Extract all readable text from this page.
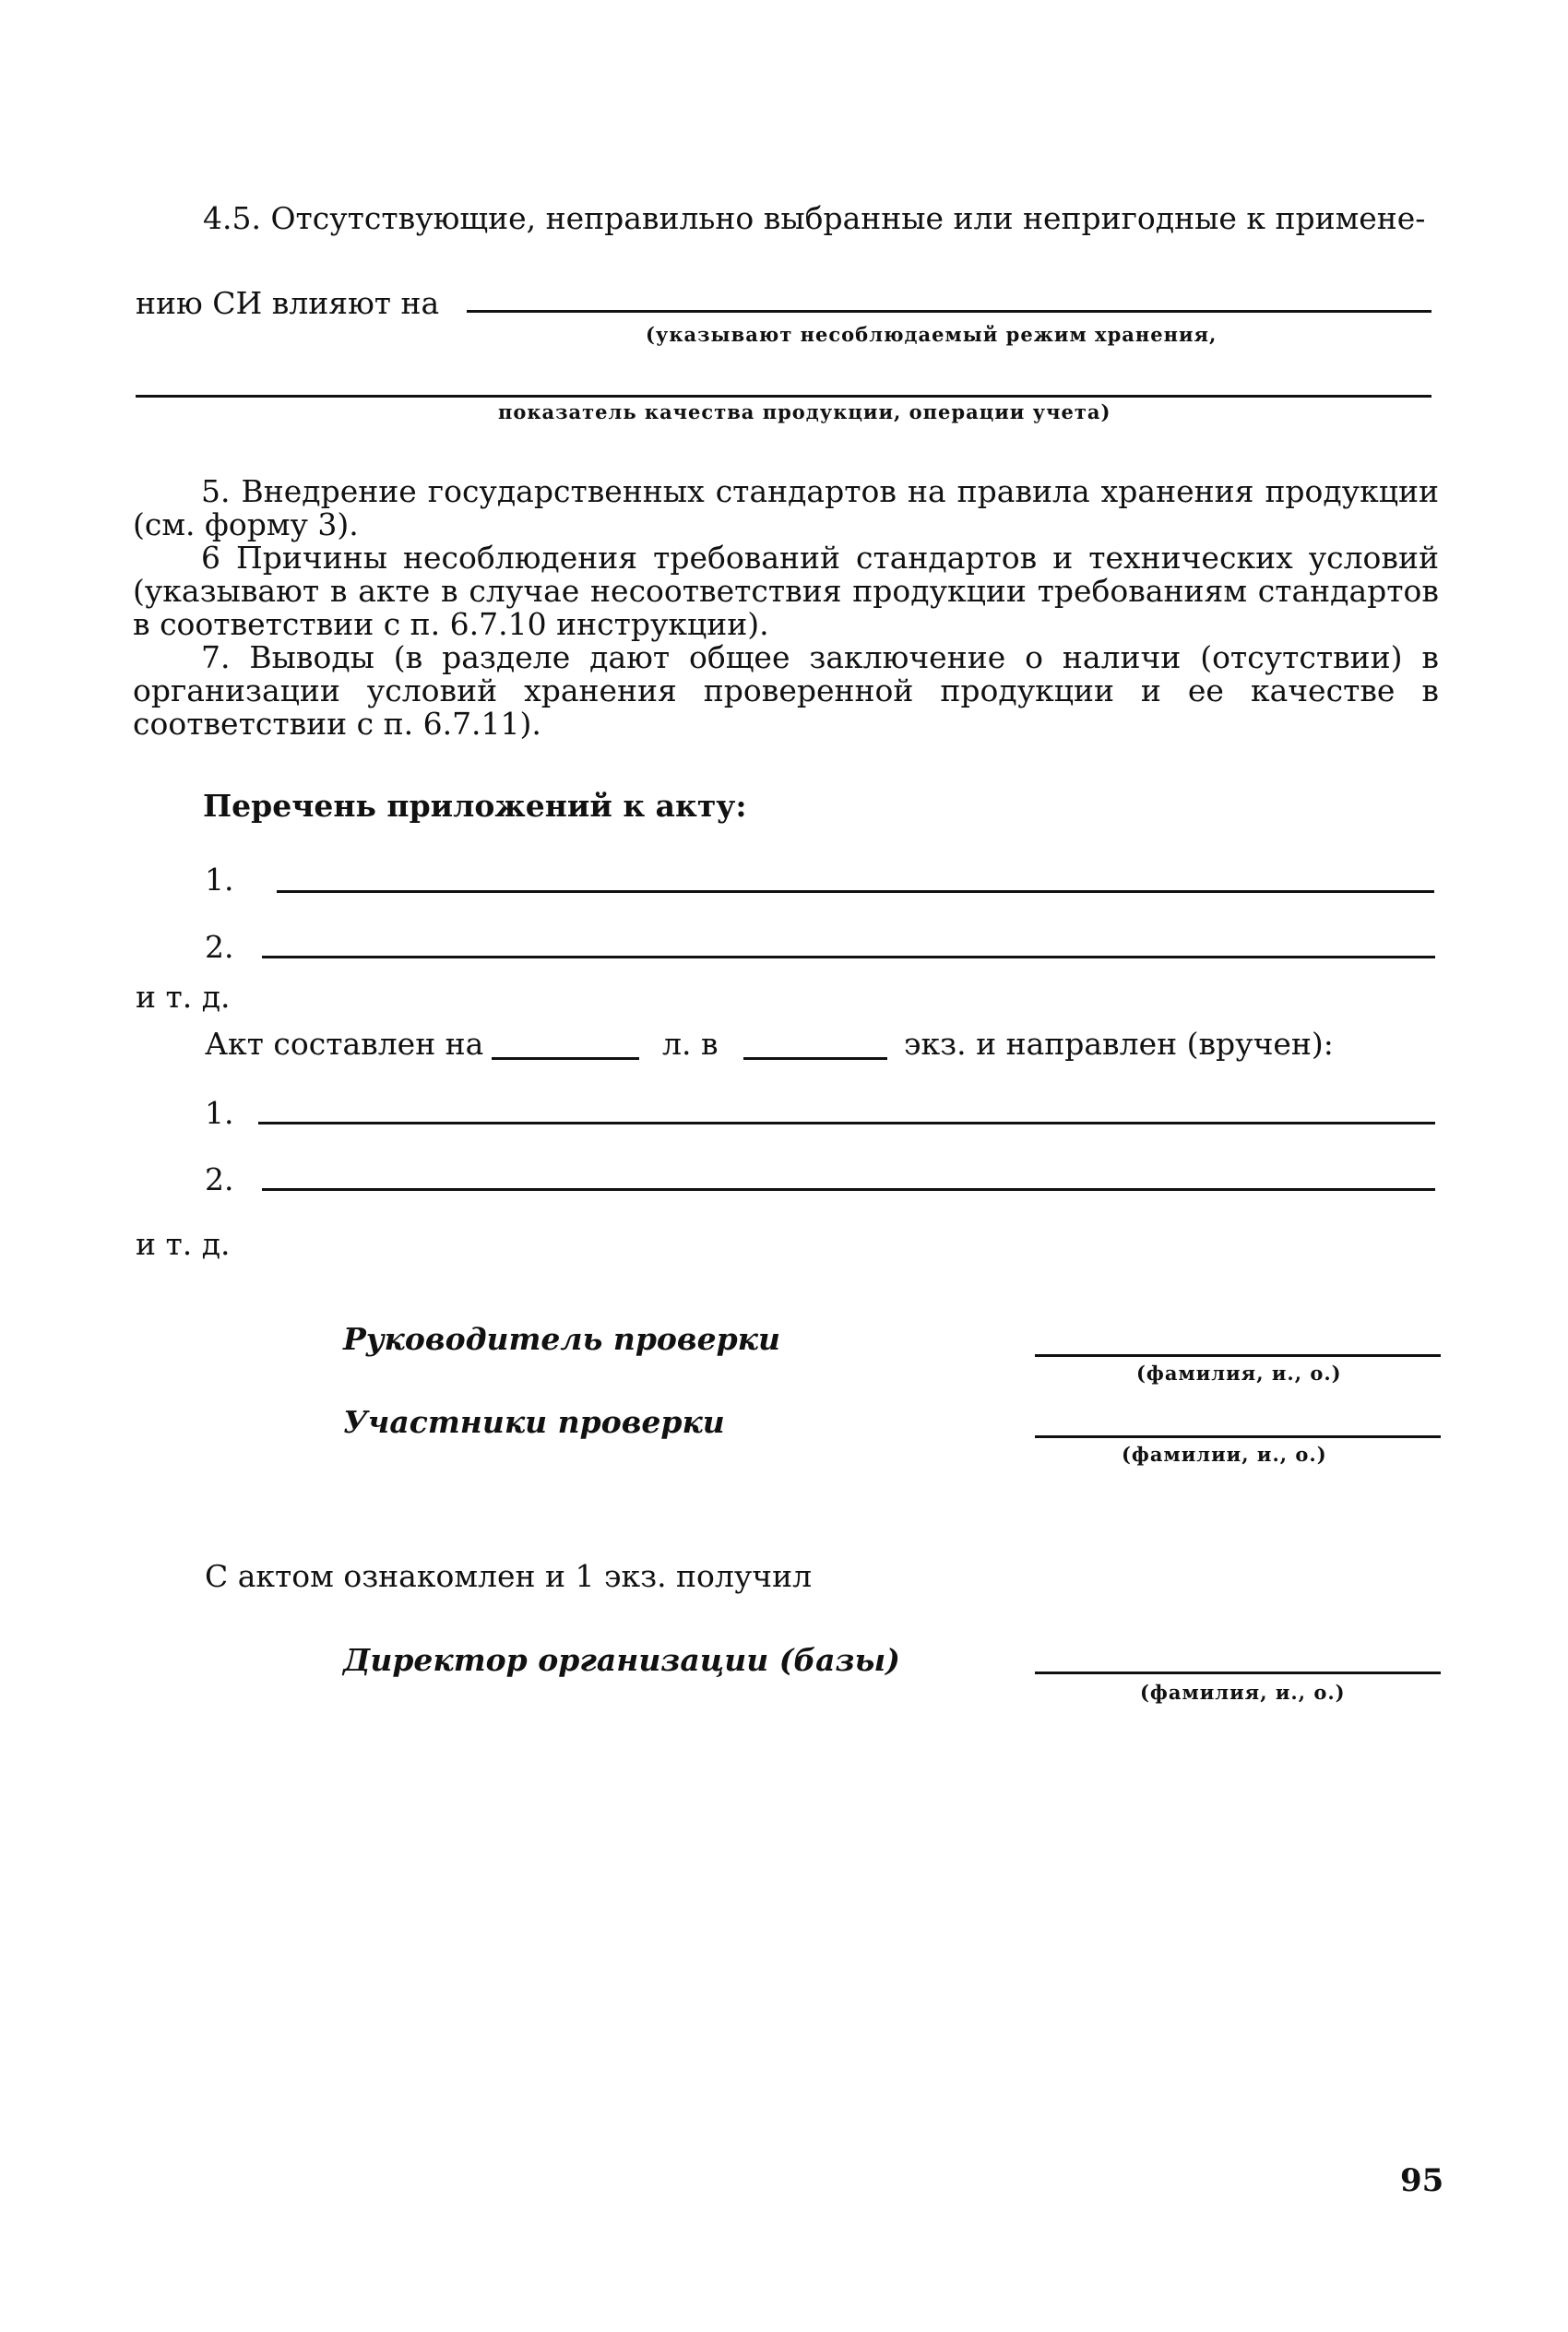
4.5. Отсутствующие, неправильно выбранные или непригодные к примене-
нию СИ влияют на
(указывают несоблюдаемый режим хранения,
показатель качества продукции, операции учета)

5. Внедрение государственных стандартов на правила хранения продукции (см. форму 3).

6 Причины несоблюдения требований стандартов и технических условий (указывают в акте в случае несоответствия продукции требованиям стандартов в соответствии с п. 6.7.10 инструкции).

7. Выводы (в разделе дают общее заключение о наличи (отсутствии) в организации условий хранения проверенной продукции и ее качестве в соответствии с п. 6.7.11).

Перечень приложений к акту:
1.
2.
и т. д.
Акт составлен на	л. в	экз. и направлен (вручен):
1.
2.
и т. д.
Руководитель проверки
(фамилия, и., о.)
Участники проверки
(фамилии, и., о.)
С актом ознакомлен и 1 экз. получил
Директор организации (базы)
(фамилия, и., о.)
95
